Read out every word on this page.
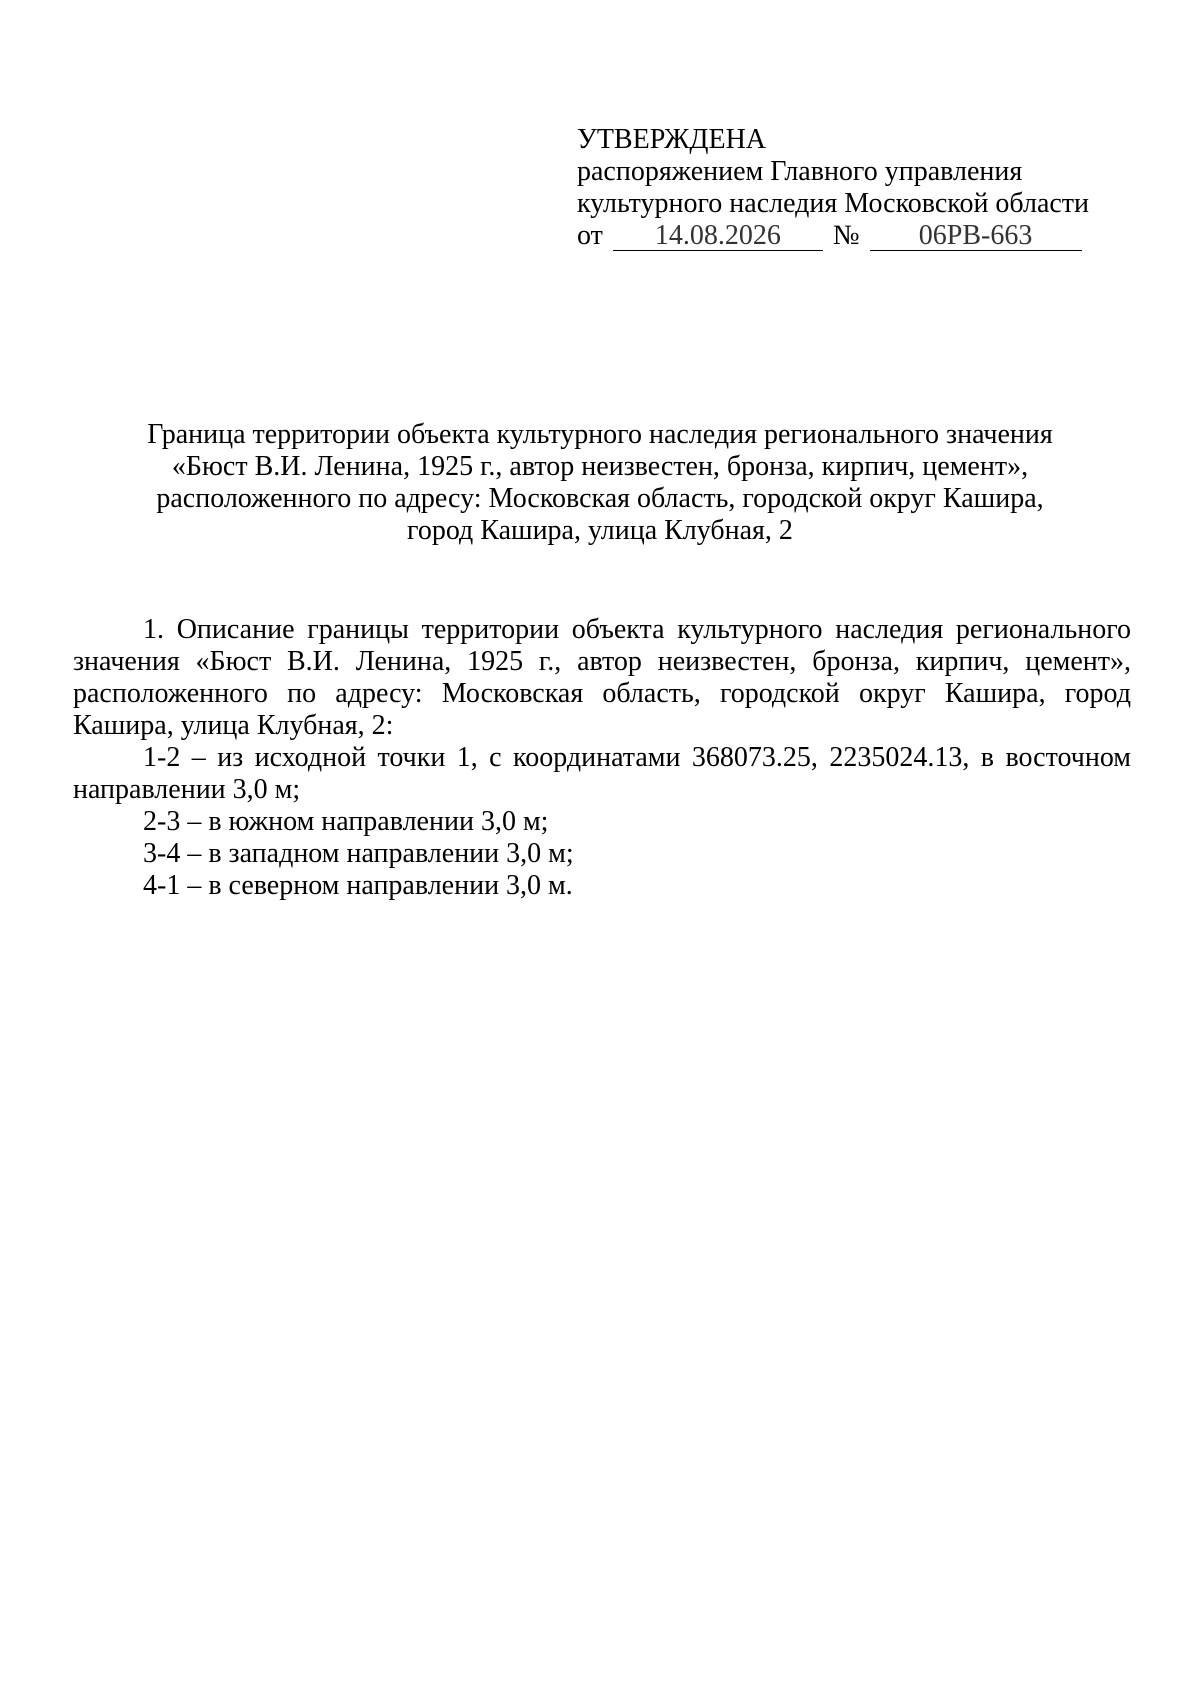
УТВЕРЖДЕНА
распоряжением Главного управления
культурного наследия Московской области
от	14.08.2026	№	06РВ-663
Граница территории объекта культурного наследия регионального значения
«Бюст В.И. Ленина, 1925 г., автор неизвестен, бронза, кирпич, цемент»,
расположенного по адресу: Московская область, городской округ Кашира,
город Кашира, улица Клубная, 2

1. Описание границы территории объекта культурного наследия регионального значения «Бюст В.И. Ленина, 1925 г., автор неизвестен, бронза, кирпич, цемент», расположенного по адресу: Московская область, городской округ Кашира, город Кашира, улица Клубная, 2:

1-2 – из исходной точки 1, с координатами 368073.25, 2235024.13, в восточном направлении 3,0 м;

2-3 – в южном направлении 3,0 м;

3-4 – в западном направлении 3,0 м;

4-1 – в северном направлении 3,0 м.
